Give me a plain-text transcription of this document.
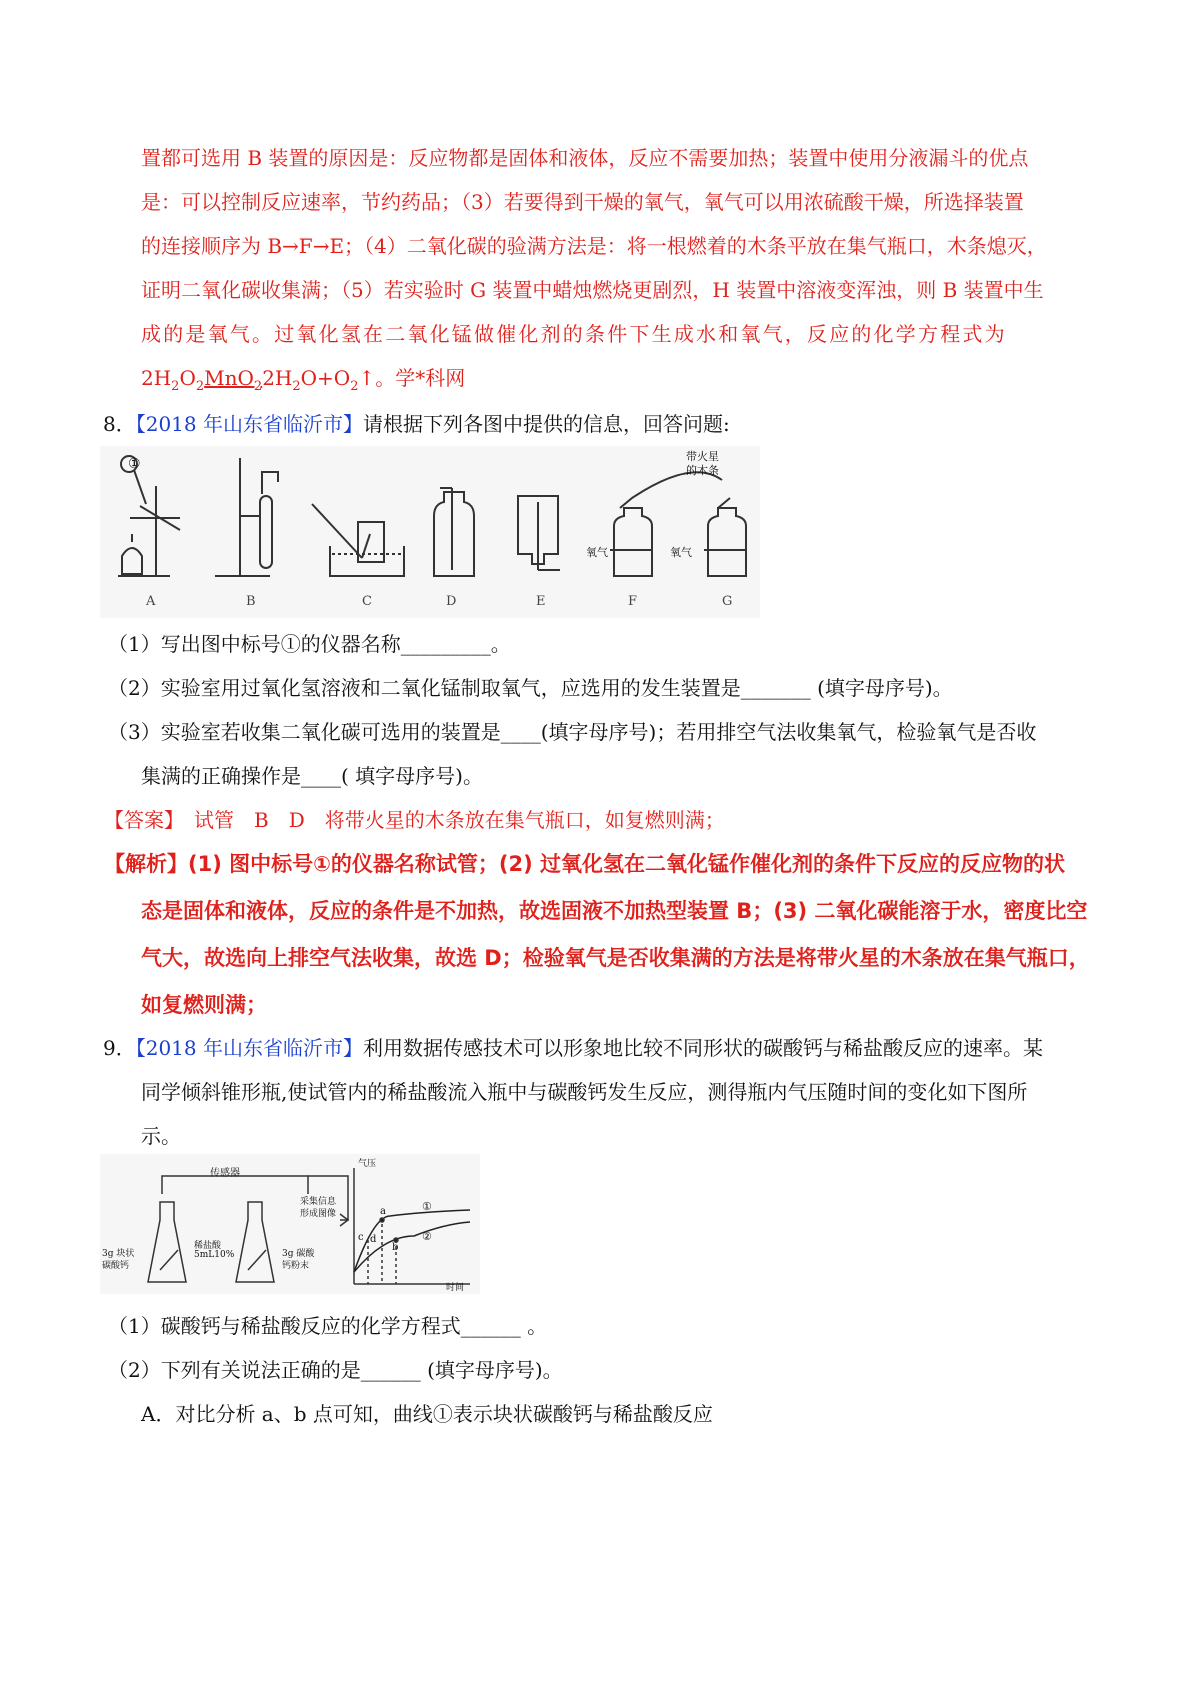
置都可选用 B 装置的原因是：反应物都是固体和液体，反应不需要加热；装置中使用分液漏斗的优点
是：可以控制反应速率，节约药品；（3）若要得到干燥的氧气，氧气可以用浓硫酸干燥，所选择装置
的连接顺序为 B→F→E；（4）二氧化碳的验满方法是：将一根燃着的木条平放在集气瓶口，木条熄灭，
证明二氧化碳收集满；（5）若实验时 G 装置中蜡烛燃烧更剧烈，H 装置中溶液变浑浊，则 B 装置中生
成的是氧气。过氧化氢在二氧化锰做催化剂的条件下生成水和氧气，反应的化学方程式为
$2H_2O_2MnO_22H_2O+O_2↑$。学*科网
8．【2018 年山东省临沂市】请根据下列各图中提供的信息，回答问题:
①	带火星
的木条
氧气	氧气
A	B	C	D	E	F	G
（1）写出图中标号①的仪器名称_________。
（2）实验室用过氧化氢溶液和二氧化锰制取氧气，应选用的发生装置是_______ (填字母序号)。
（3）实验室若收集二氧化碳可选用的装置是____(填字母序号)；若用排空气法收集氧气，检验氧气是否收
集满的正确操作是____( 填字母序号)。
【答案】　试管　B　D　将带火星的木条放在集气瓶口，如复燃则满；
【解析】(1) 图中标号①的仪器名称试管；(2) 过氧化氢在二氧化锰作催化剂的条件下反应的反应物的状
态是固体和液体，反应的条件是不加热，故选固液不加热型装置 B；(3) 二氧化碳能溶于水，密度比空
气大，故选向上排空气法收集，故选 D；检验氧气是否收集满的方法是将带火星的木条放在集气瓶口，
如复燃则满；
9．【2018 年山东省临沂市】利用数据传感技术可以形象地比较不同形状的碳酸钙与稀盐酸反应的速率。某
同学倾斜锥形瓶,使试管内的稀盐酸流入瓶中与碳酸钙发生反应，测得瓶内气压随时间的变化如下图所
示。
传感器
采集信息
形成图像
3g 块状
碳酸钙
稀盐酸
5mL10%	3g 碳酸
钙粉末
气压
时间
①
②
a
b
c d
（1）碳酸钙与稀盐酸反应的化学方程式______ 。
（2）下列有关说法正确的是______ (填字母序号)。
A．对比分析 a、b 点可知，曲线①表示块状碳酸钙与稀盐酸反应
